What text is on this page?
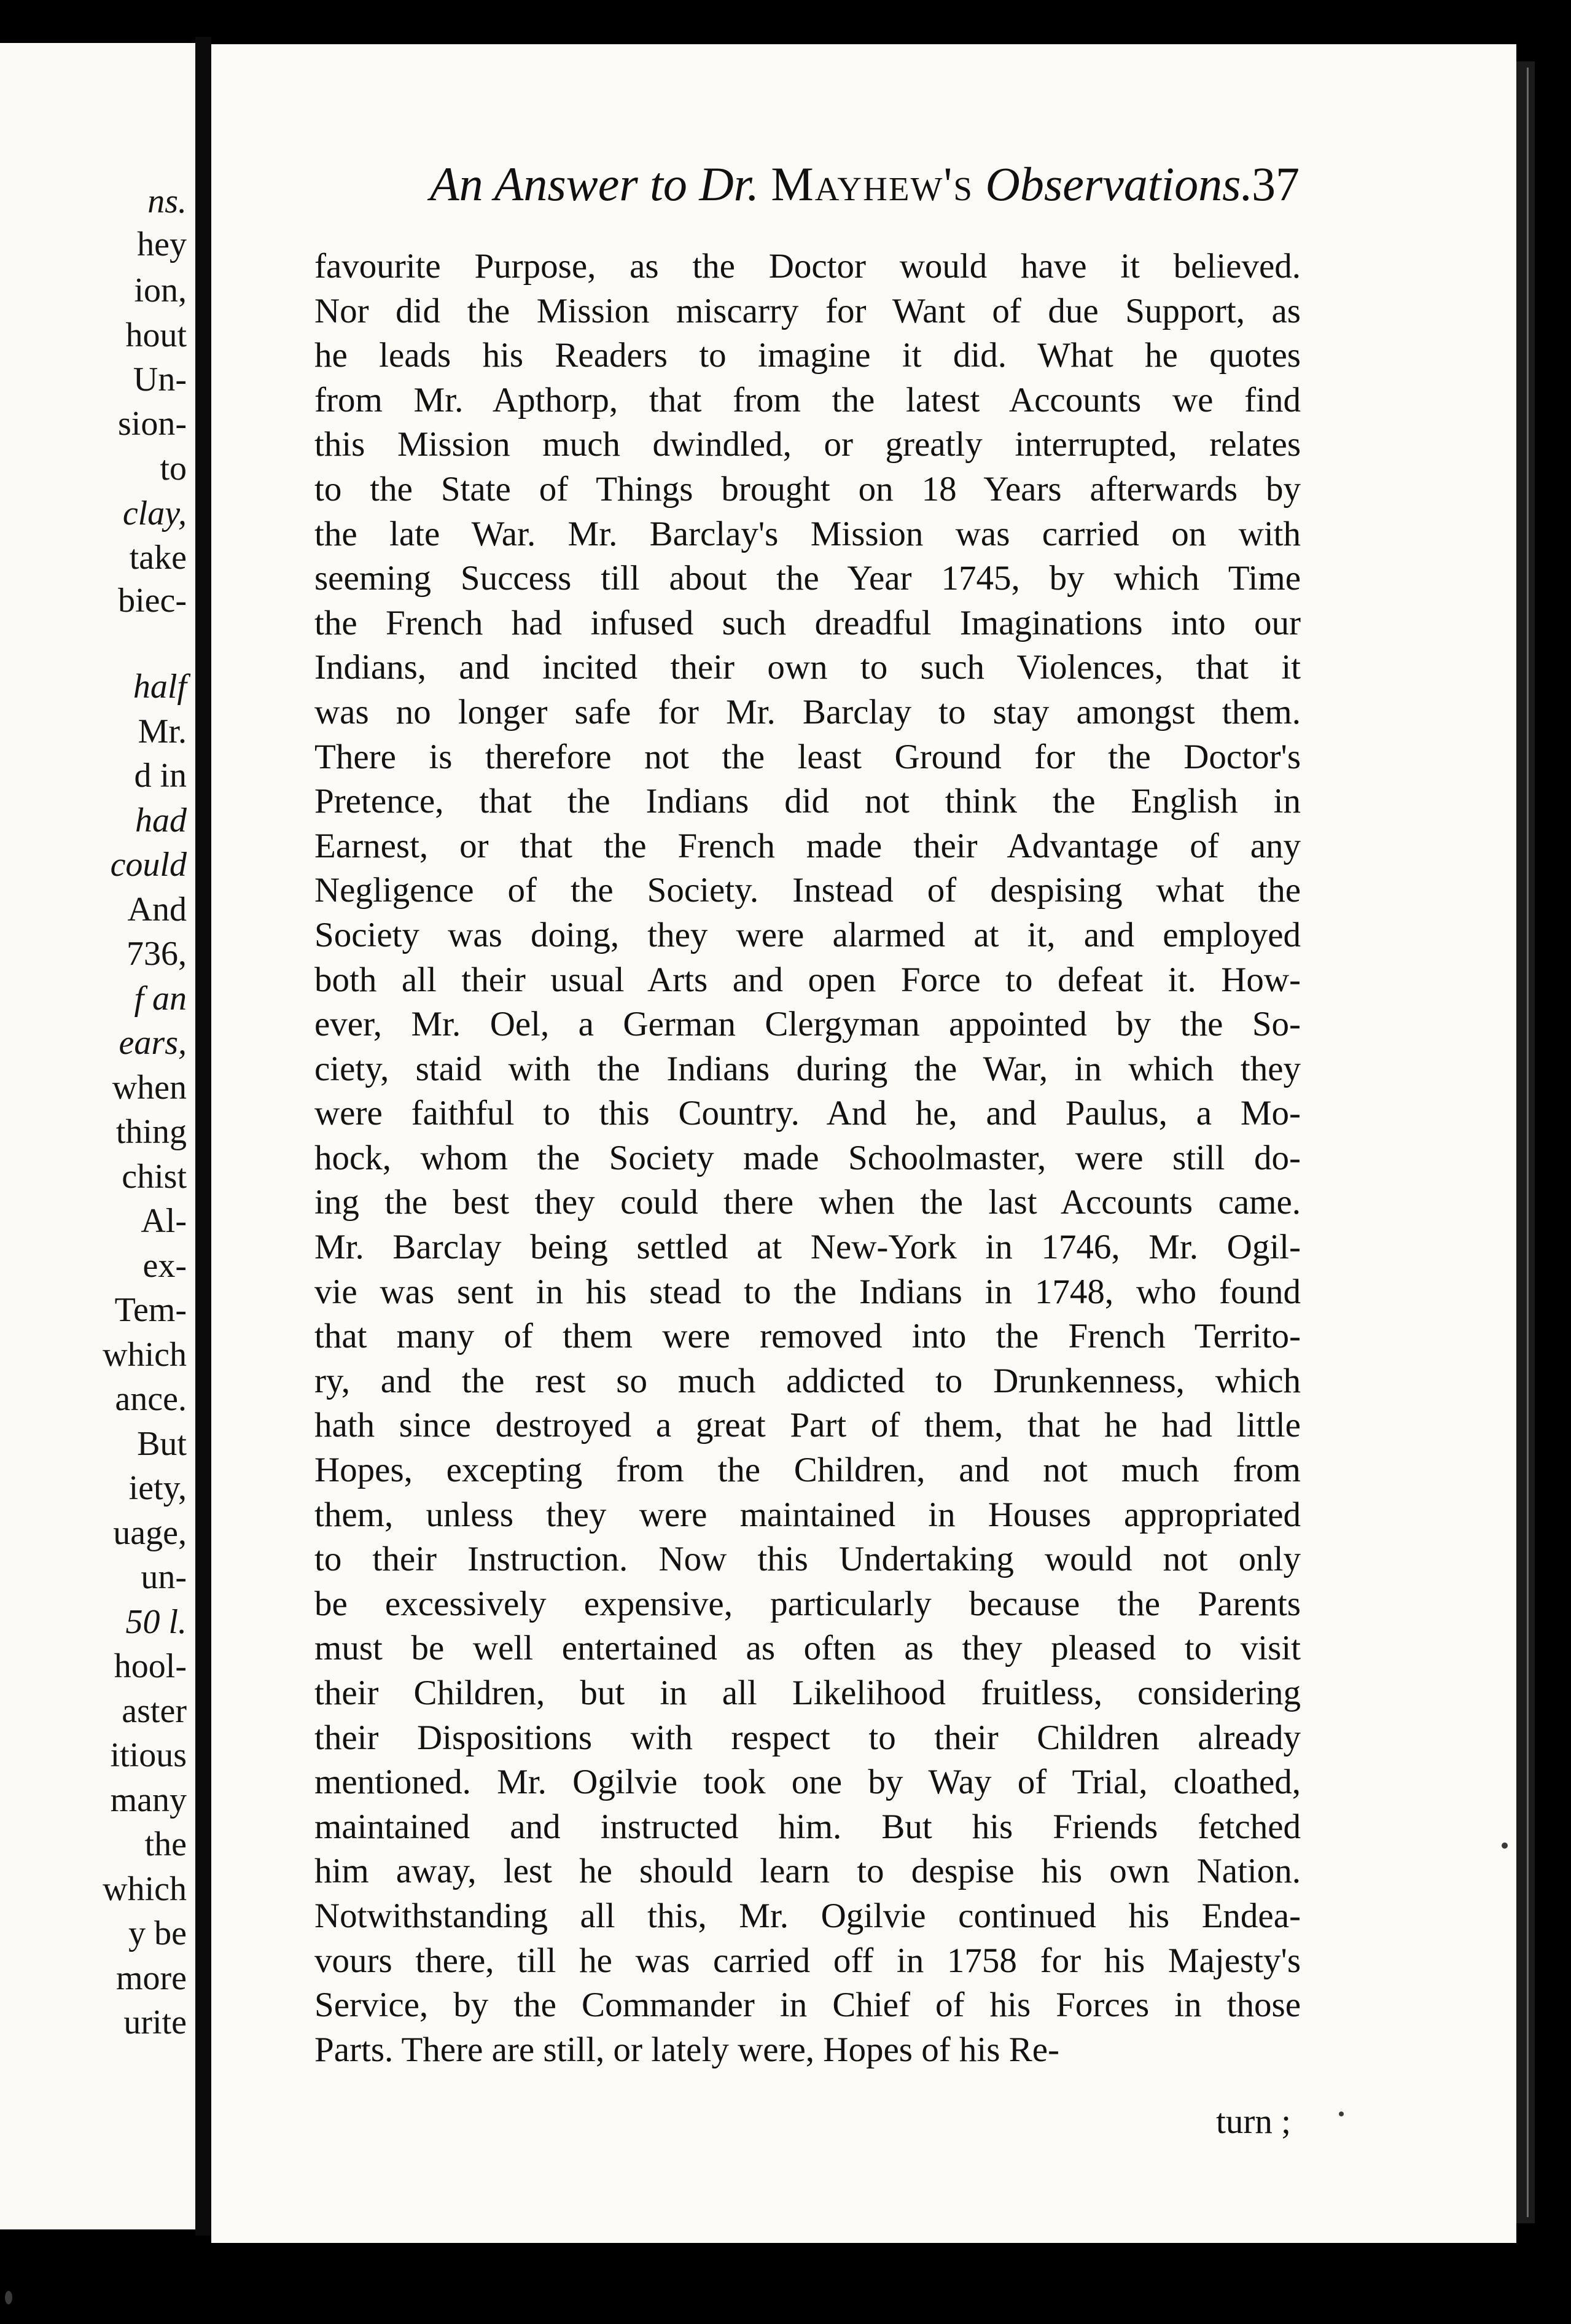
ns.
hey
ion,
hout
Un-
sion-
to
clay,
take
biec-
half
Mr.
d in
had
could
And
736,
f an
ears,
when
thing
chist
Al-
ex-
Tem-
which
ance.
But
iety,
uage,
un-
50 l.
hool-
aster
itious
many
the
which
y be
more
urite
An Answer to Dr. Mayhew's Observations.
37
favourite Purpose, as the Doctor would have it believed.
Nor did the Mission miscarry for Want of due Support, as
he leads his Readers to imagine it did. What he quotes
from Mr. Apthorp, that from the latest Accounts we find
this Mission much dwindled, or greatly interrupted, relates
to the State of Things brought on 18 Years afterwards by
the late War. Mr. Barclay's Mission was carried on with
seeming Success till about the Year 1745, by which Time
the French had infused such dreadful Imaginations into our
Indians, and incited their own to such Violences, that it
was no longer safe for Mr. Barclay to stay amongst them.
There is therefore not the least Ground for the Doctor's
Pretence, that the Indians did not think the English in
Earnest, or that the French made their Advantage of any
Negligence of the Society. Instead of despising what the
Society was doing, they were alarmed at it, and employed
both all their usual Arts and open Force to defeat it. How-
ever, Mr. Oel, a German Clergyman appointed by the So-
ciety, staid with the Indians during the War, in which they
were faithful to this Country. And he, and Paulus, a Mo-
hock, whom the Society made Schoolmaster, were still do-
ing the best they could there when the last Accounts came.
Mr. Barclay being settled at New-York in 1746, Mr. Ogil-
vie was sent in his stead to the Indians in 1748, who found
that many of them were removed into the French Territo-
ry, and the rest so much addicted to Drunkenness, which
hath since destroyed a great Part of them, that he had little
Hopes, excepting from the Children, and not much from
them, unless they were maintained in Houses appropriated
to their Instruction. Now this Undertaking would not only
be excessively expensive, particularly because the Parents
must be well entertained as often as they pleased to visit
their Children, but in all Likelihood fruitless, considering
their Dispositions with respect to their Children already
mentioned. Mr. Ogilvie took one by Way of Trial, cloathed,
maintained and instructed him. But his Friends fetched
him away, lest he should learn to despise his own Nation.
Notwithstanding all this, Mr. Ogilvie continued his Endea-
vours there, till he was carried off in 1758 for his Majesty's
Service, by the Commander in Chief of his Forces in those
Parts. There are still, or lately were, Hopes of his Re-
turn ;
